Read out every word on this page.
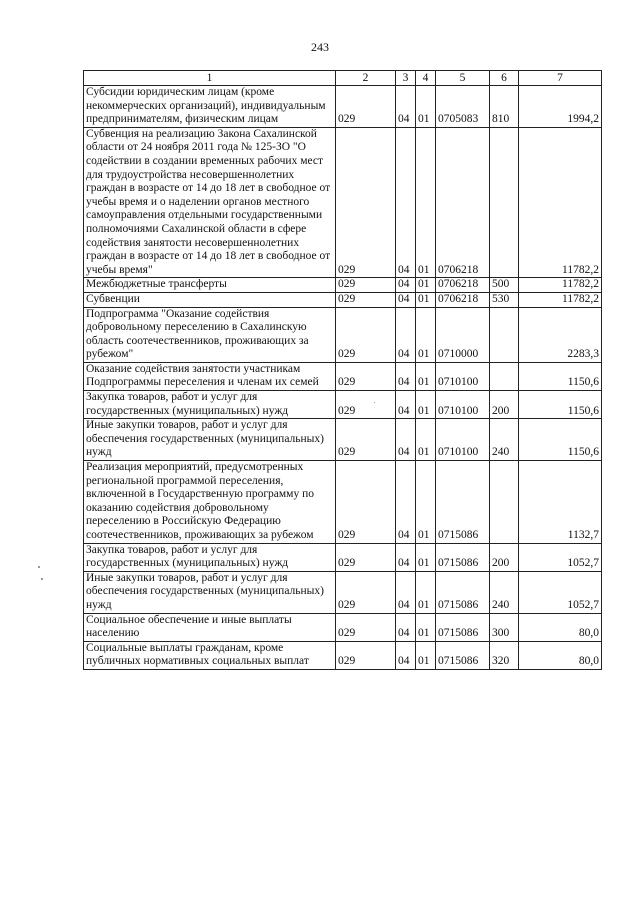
243
1	2	3	4	5	6	7
Субсидии юридическим лицам (кроме некоммерческих организаций), индивидуальным предпринимателям, физическим лицам	029	04	01	0705083	810	1994,2
Субвенция на реализацию Закона Сахалинской области от 24 ноября 2011 года № 125-ЗО "О содействии в создании временных рабочих мест для трудоустройства несовершеннолетних граждан в возрасте от 14 до 18 лет в свободное от учебы время и о наделении органов местного самоуправления отдельными государственными полномочиями Сахалинской области в сфере содействия занятости несовершеннолетних граждан в возрасте от 14 до 18 лет в свободное от учебы время"	029	04	01	0706218		11782,2
Межбюджетные трансферты	029	04	01	0706218	500	11782,2
Субвенции	029	04	01	0706218	530	11782,2
Подпрограмма "Оказание содействия добровольному переселению в Сахалинскую область соотечественников, проживающих за рубежом"	029	04	01	0710000		2283,3
Оказание содействия занятости участникам Подпрограммы переселения и членам их семей	029	04	01	0710100		1150,6
Закупка товаров, работ и услуг для государственных (муниципальных) нужд	029	04	01	0710100	200	1150,6
Иные закупки товаров, работ и услуг для обеспечения государственных (муниципальных) нужд	029	04	01	0710100	240	1150,6
Реализация мероприятий, предусмотренных региональной программой переселения, включенной в Государственную программу по оказанию содействия добровольному переселению в Российскую Федерацию соотечественников, проживающих за рубежом	029	04	01	0715086		1132,7
Закупка товаров, работ и услуг для государственных (муниципальных) нужд	029	04	01	0715086	200	1052,7
Иные закупки товаров, работ и услуг для обеспечения государственных (муниципальных) нужд	029	04	01	0715086	240	1052,7
Социальное обеспечение и иные выплаты населению	029	04	01	0715086	300	80,0
Социальные выплаты гражданам, кроме публичных нормативных социальных выплат	029	04	01	0715086	320	80,0
